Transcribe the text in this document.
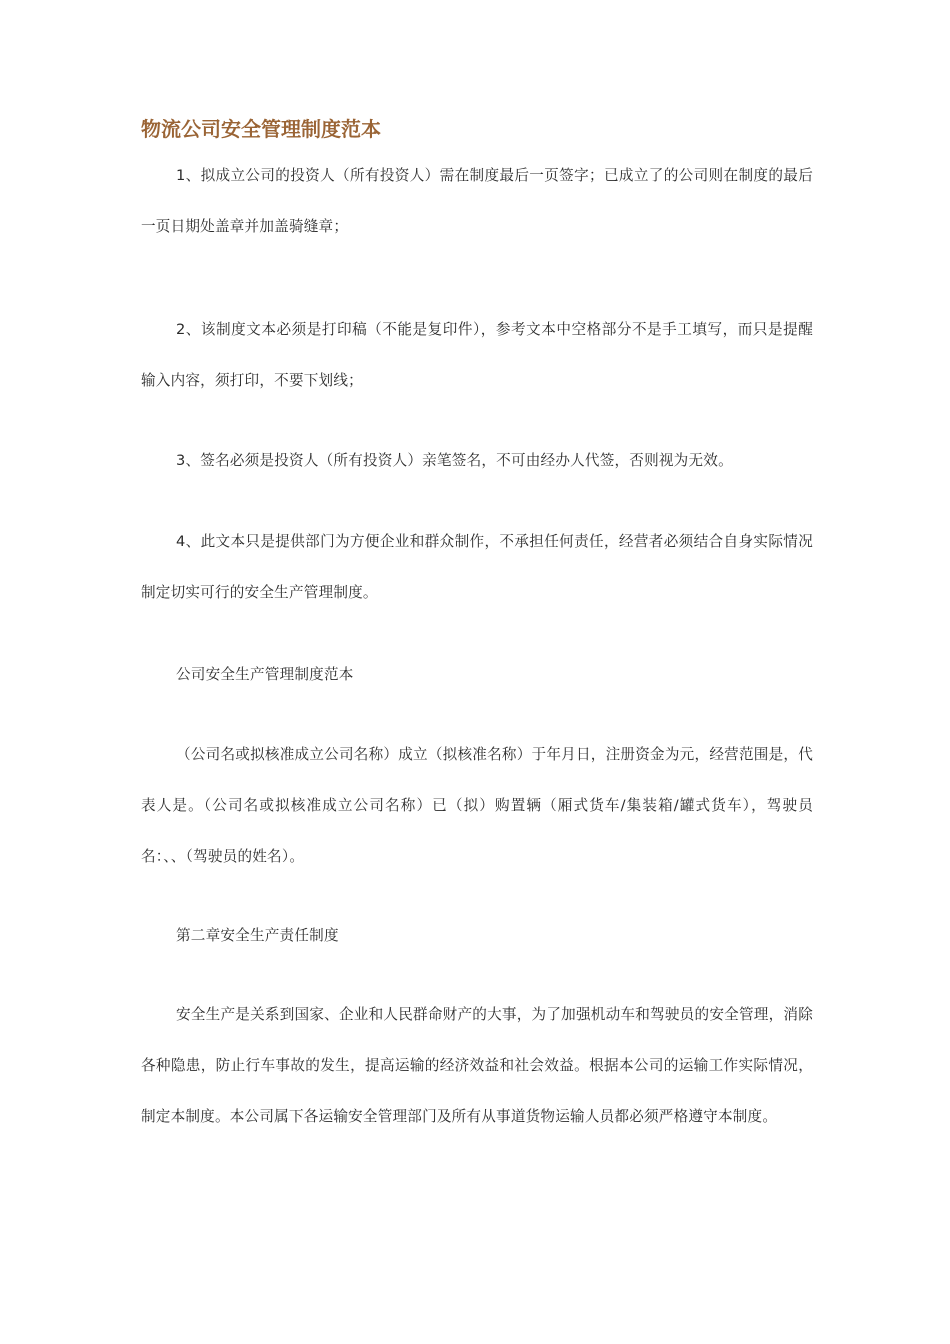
物流公司安全管理制度范本

1、拟成立公司的投资人（所有投资人）需在制度最后一页签字；已成立了的公司则在制度的最后一页日期处盖章并加盖骑缝章；

2、该制度文本必须是打印稿（不能是复印件），参考文本中空格部分不是手工填写，而只是提醒输入内容，须打印，不要下划线；

3、签名必须是投资人（所有投资人）亲笔签名，不可由经办人代签，否则视为无效。

4、此文本只是提供部门为方便企业和群众制作，不承担任何责任，经营者必须结合自身实际情况制定切实可行的安全生产管理制度。

公司安全生产管理制度范本

（公司名或拟核准成立公司名称）成立（拟核准名称）于年月日，注册资金为元，经营范围是，代表人是。（公司名或拟核准成立公司名称）已（拟）购置辆（厢式货车/集装箱/罐式货车），驾驶员名：、、（驾驶员的姓名）。

第二章安全生产责任制度

安全生产是关系到国家、企业和人民群命财产的大事，为了加强机动车和驾驶员的安全管理，消除各种隐患，防止行车事故的发生，提高运输的经济效益和社会效益。根据本公司的运输工作实际情况，制定本制度。本公司属下各运输安全管理部门及所有从事道货物运输人员都必须严格遵守本制度。
